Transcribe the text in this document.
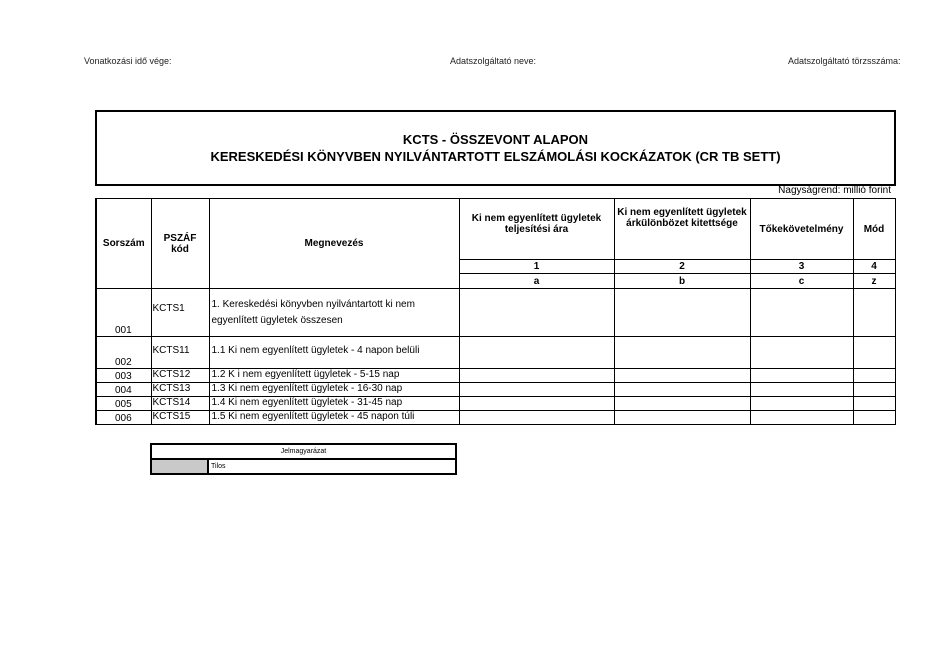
Vonatkozási idő vége:	Adatszolgáltató neve:	Adatszolgáltató törzsszáma:
KCTS - ÖSSZEVONT ALAPON
KERESKEDÉSI KÖNYVBEN NYILVÁNTARTOTT ELSZÁMOLÁSI KOCKÁZATOK (CR TB SETT)
Nagyságrend: millió forint
Sorszám	PSZÁF kód	Megnevezés	Ki nem egyenlített ügyletek teljesítési ára	Ki nem egyenlített ügyletek árkülönbözet kitettsége	Tőkekövetelmény	Mód
			1	2	3	4
			a	b	c	z
001	KCTS1	1. Kereskedési könyvben nyilvántartott ki nem egyenlített ügyletek összesen				
002	KCTS11	1.1 Ki nem egyenlített ügyletek - 4 napon belüli				
003	KCTS12	1.2 K i nem egyenlített ügyletek - 5-15 nap				
004	KCTS13	1.3 Ki nem egyenlített ügyletek - 16-30 nap				
005	KCTS14	1.4 Ki nem egyenlített ügyletek - 31-45 nap				
006	KCTS15	1.5 Ki nem egyenlített ügyletek - 45 napon túli				
Jelmagyarázat
	Tilos
